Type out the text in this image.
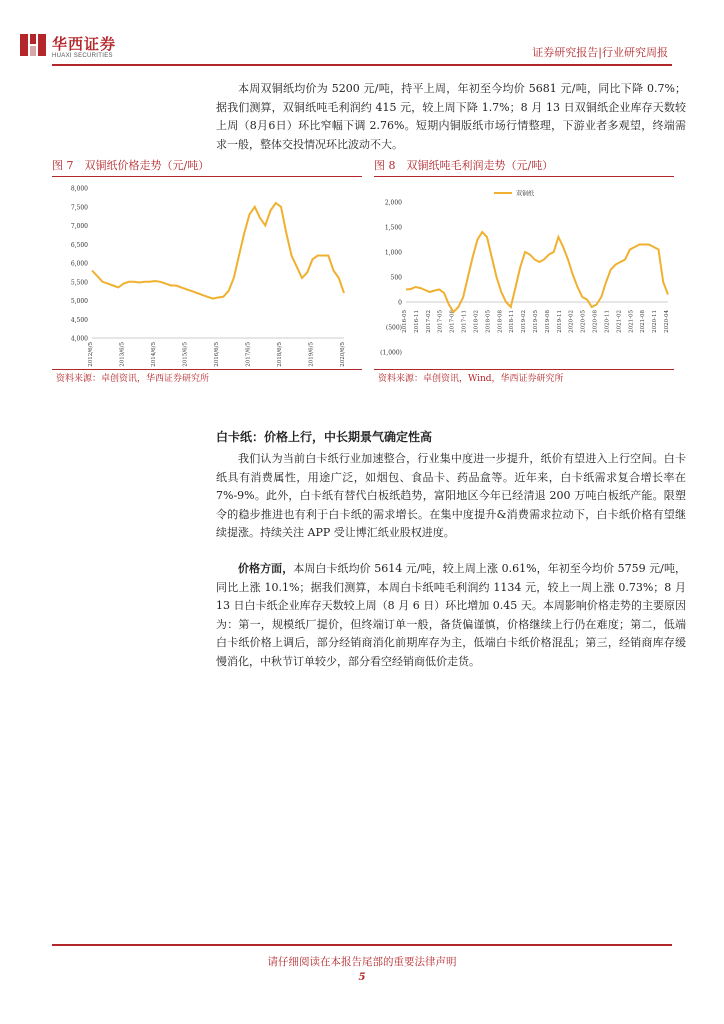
华西证券
HUAXI SECURITIES	证券研究报告|行业研究周报
本周双铜纸均价为 5200 元/吨，持平上周，年初至今均价 5681 元/吨，同比下降 0.7%；据我们测算，双铜纸吨毛利润约 415 元，较上周下降 1.7%；8 月 13 日双铜纸企业库存天数较上周（8月6日）环比窄幅下调 2.76%。短期内铜版纸市场行情整理，下游业者多观望，终端需求一般，整体交投情况环比波动不大。
图 7　双铜纸价格走势（元/吨）
8,000
7,500
7,000
6,500
6,000
5,500
5,000
4,500
4,000
2012/6/5	2013/6/5	2014/6/5	2015/6/5	2016/6/5	2017/6/5	2018/6/5	2019/6/5	2020/6/5
资料来源：卓创资讯，华西证券研究所
图 8　双铜纸吨毛利润走势（元/吨）
2,000
1,500
1,000
500
0
(500)
(1,000)
2016-05 2016-11 2017-02 2017-05 2017-08 2017-11 2018-02 2018-05 2018-08 2018-11 2019-02 2019-05 2019-08 2019-11 2020-02 2020-05 2020-08 2020-11 2021-02 2021-05 2021-08 2020-11 2020-04
双铜纸
资料来源：卓创资讯，Wind，华西证券研究所
白卡纸：价格上行，中长期景气确定性高
我们认为当前白卡纸行业加速整合，行业集中度进一步提升，纸价有望进入上行空间。白卡纸具有消费属性，用途广泛，如烟包、食品卡、药品盒等。近年来，白卡纸需求复合增长率在 7%-9%。此外，白卡纸有替代白板纸趋势，富阳地区今年已经清退 200 万吨白板纸产能。限塑令的稳步推进也有利于白卡纸的需求增长。在集中度提升&消费需求拉动下，白卡纸价格有望继续提涨。持续关注 APP 受让博汇纸业股权进度。
价格方面，本周白卡纸均价 5614 元/吨，较上周上涨 0.61%，年初至今均价 5759 元/吨，同比上涨 10.1%；据我们测算，本周白卡纸吨毛利润约 1134 元，较上一周上涨 0.73%；8 月 13 日白卡纸企业库存天数较上周（8 月 6 日）环比增加 0.45 天。本周影响价格走势的主要原因为：第一，规模纸厂提价，但终端订单一般，备货偏谨慎，价格继续上行仍在难度；第二，低端白卡纸价格上调后，部分经销商消化前期库存为主，低端白卡纸价格混乱；第三，经销商库存缓慢消化，中秋节订单较少，部分看空经销商低价走货。
请仔细阅读在本报告尾部的重要法律声明
5
